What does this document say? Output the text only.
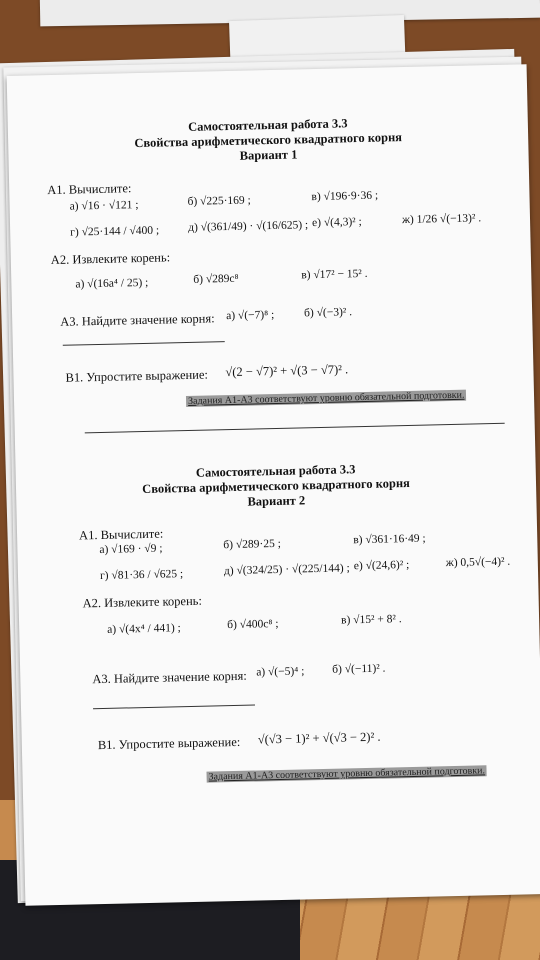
Самостоятельная работа 3.3
Свойства арифметического квадратного корня
Вариант 1
А1. Вычислите:
а) √16 · √121 ;	б) √225·169 ;	в) √196·9·36 ;
г) √25·144 / √400 ;	д) √(361/49) · √(16/625) ; е) √(4,3)² ;	ж) 1/26 √(−13)² .
А2. Извлеките корень:
а) √(16a⁴ / 25) ;	б) √289c⁸	в) √17² − 15² .
А3. Найдите значение корня: а) √(−7)⁸ ;	б) √(−3)² .
В1. Упростите выражение: √(2 − √7)² + √(3 − √7)² .
Задания А1-А3 соответствуют уровню обязательной подготовки.
Самостоятельная работа 3.3
Свойства арифметического квадратного корня
Вариант 2
А1. Вычислите:
а) √169 · √9 ;	б) √289·25 ;	в) √361·16·49 ;
г) √81·36 / √625 ;	д) √(324/25) · √(225/144) ; е) √(24,6)² ;	ж) 0,5√(−4)² .
А2. Извлеките корень:
а) √(4x⁴ / 441) ;	б) √400c⁸ ;	в) √15² + 8² .
А3. Найдите значение корня: а) √(−5)⁴ ; б) √(−11)² .
В1. Упростите выражение: √(√3 − 1)² + √(√3 − 2)² .
Задания А1-А3 соответствуют уровню обязательной подготовки.
